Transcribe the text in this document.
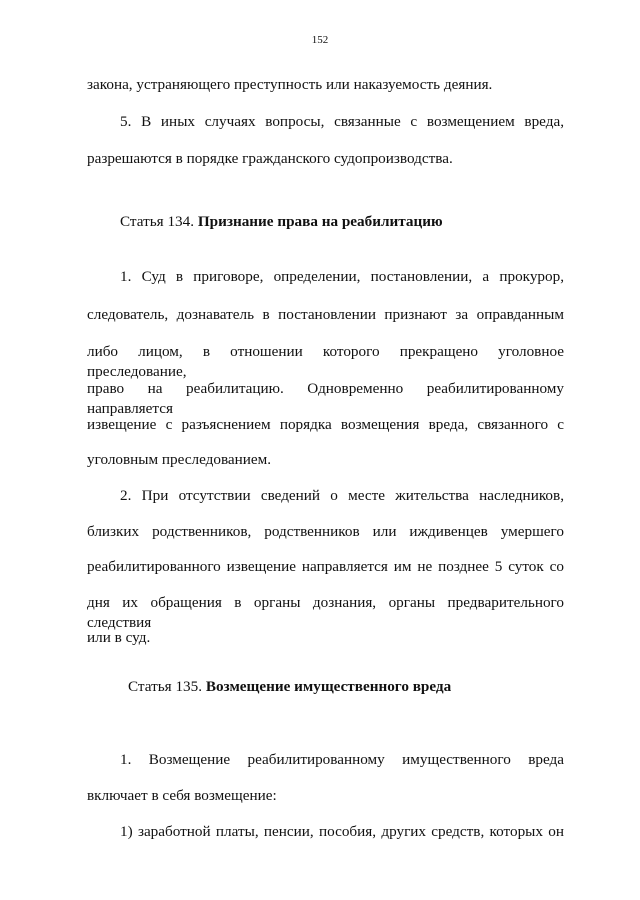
152
закона, устраняющего преступность или наказуемость деяния.
5. В иных случаях вопросы, связанные с возмещением вреда,
разрешаются в порядке гражданского судопроизводства.
Статья 134. Признание права на реабилитацию
1. Суд в приговоре, определении, постановлении, а прокурор,
следователь, дознаватель в постановлении признают за оправданным
либо лицом, в отношении которого прекращено уголовное преследование,
право на реабилитацию. Одновременно реабилитированному направляется
извещение с разъяснением порядка возмещения вреда, связанного с
уголовным преследованием.
2. При отсутствии сведений о месте жительства наследников,
близких родственников, родственников или иждивенцев умершего
реабилитированного извещение направляется им не позднее 5 суток со
дня их обращения в органы дознания, органы предварительного следствия
или в суд.
Статья 135. Возмещение имущественного вреда
1. Возмещение реабилитированному имущественного вреда
включает в себя возмещение:
1) заработной платы, пенсии, пособия, других средств, которых он
